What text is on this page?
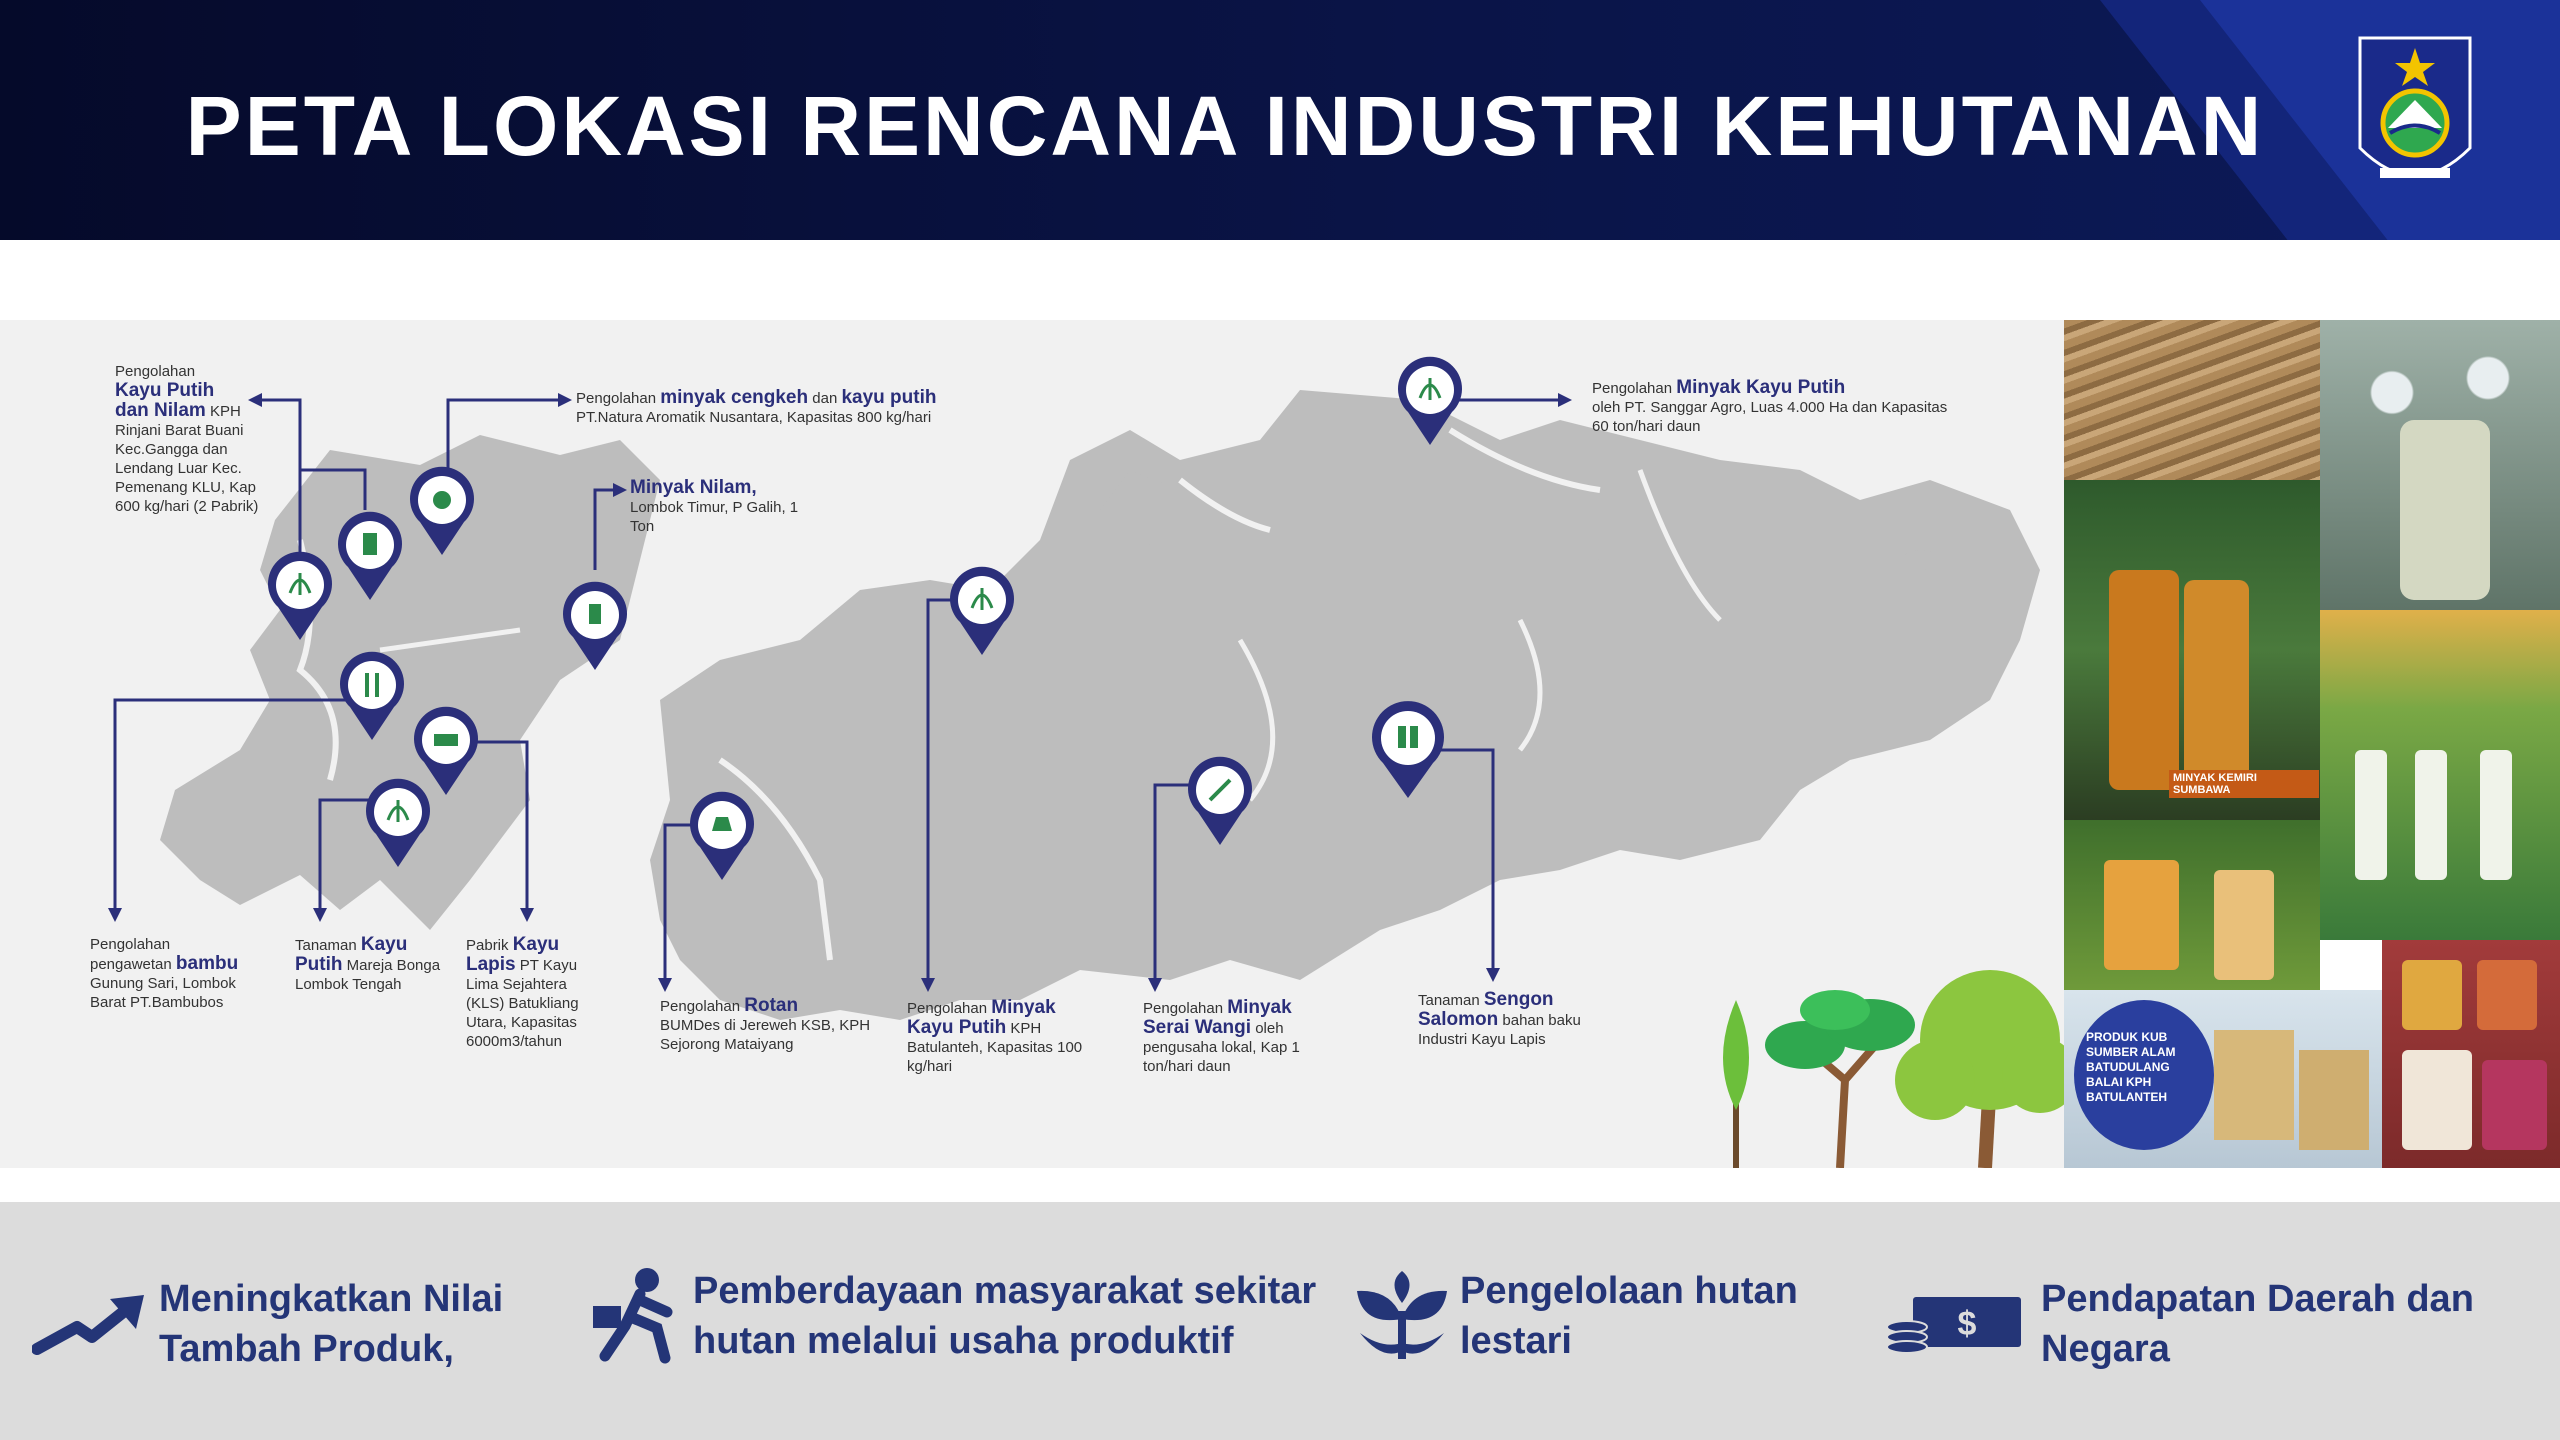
PETA LOKASI RENCANA INDUSTRI KEHUTANAN
Pengolahan
Kayu Putih
dan Nilam KPH
Rinjani Barat Buani Kec.Gangga dan Lendang Luar Kec. Pemenang KLU, Kap 600 kg/hari (2 Pabrik)
Pengolahan minyak cengkeh dan kayu putih
PT.Natura Aromatik Nusantara, Kapasitas 800 kg/hari
Minyak Nilam,
Lombok Timur, P Galih, 1 Ton
Pengolahan Minyak Kayu Putih
oleh PT. Sanggar Agro, Luas 4.000 Ha dan Kapasitas 60 ton/hari daun
Pengolahan pengawetan bambu
Gunung Sari, Lombok Barat PT.Bambubos
Tanaman Kayu Putih Mareja Bonga Lombok Tengah
Pabrik Kayu Lapis PT Kayu Lima Sejahtera (KLS) Batukliang Utara, Kapasitas 6000m3/tahun
Pengolahan Rotan
BUMDes di Jereweh KSB, KPH Sejorong Mataiyang
Pengolahan Minyak Kayu Putih KPH Batulanteh, Kapasitas 100 kg/hari
Pengolahan Minyak Serai Wangi oleh pengusaha lokal, Kap 1 ton/hari daun
Tanaman Sengon Salomon bahan baku Industri Kayu Lapis
MINYAK KEMIRI SUMBAWA
PRODUK KUB SUMBER ALAM BATUDULANG BALAI KPH BATULANTEH
Meningkatkan Nilai
Tambah Produk,
Pemberdayaan masyarakat sekitar
hutan melalui usaha produktif
Pengelolaan hutan
lestari	$
Pendapatan Daerah dan
Negara
